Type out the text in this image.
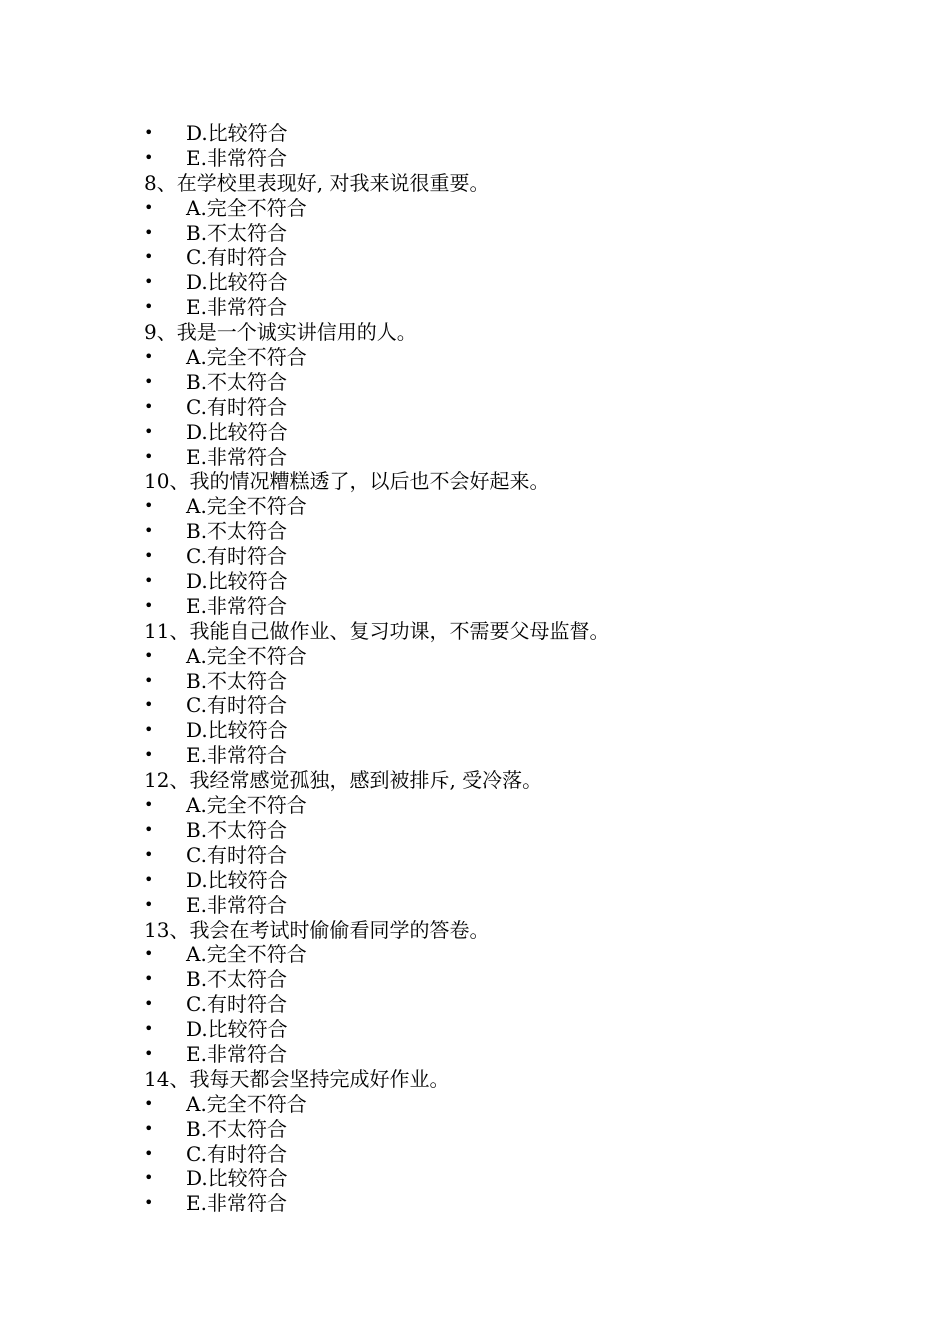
• D.比较符合
• E.非常符合
8、在学校里表现好, 对我来说很重要。
• A.完全不符合
• B.不太符合
• C.有时符合
• D.比较符合
• E.非常符合
9、我是一个诚实讲信用的人。
• A.完全不符合
• B.不太符合
• C.有时符合
• D.比较符合
• E.非常符合
10、我的情况糟糕透了，以后也不会好起来。
• A.完全不符合
• B.不太符合
• C.有时符合
• D.比较符合
• E.非常符合
11、我能自己做作业、复习功课，不需要父母监督。
• A.完全不符合
• B.不太符合
• C.有时符合
• D.比较符合
• E.非常符合
12、我经常感觉孤独，感到被排斥, 受冷落。
• A.完全不符合
• B.不太符合
• C.有时符合
• D.比较符合
• E.非常符合
13、我会在考试时偷偷看同学的答卷。
• A.完全不符合
• B.不太符合
• C.有时符合
• D.比较符合
• E.非常符合
14、我每天都会坚持完成好作业。
• A.完全不符合
• B.不太符合
• C.有时符合
• D.比较符合
• E.非常符合
